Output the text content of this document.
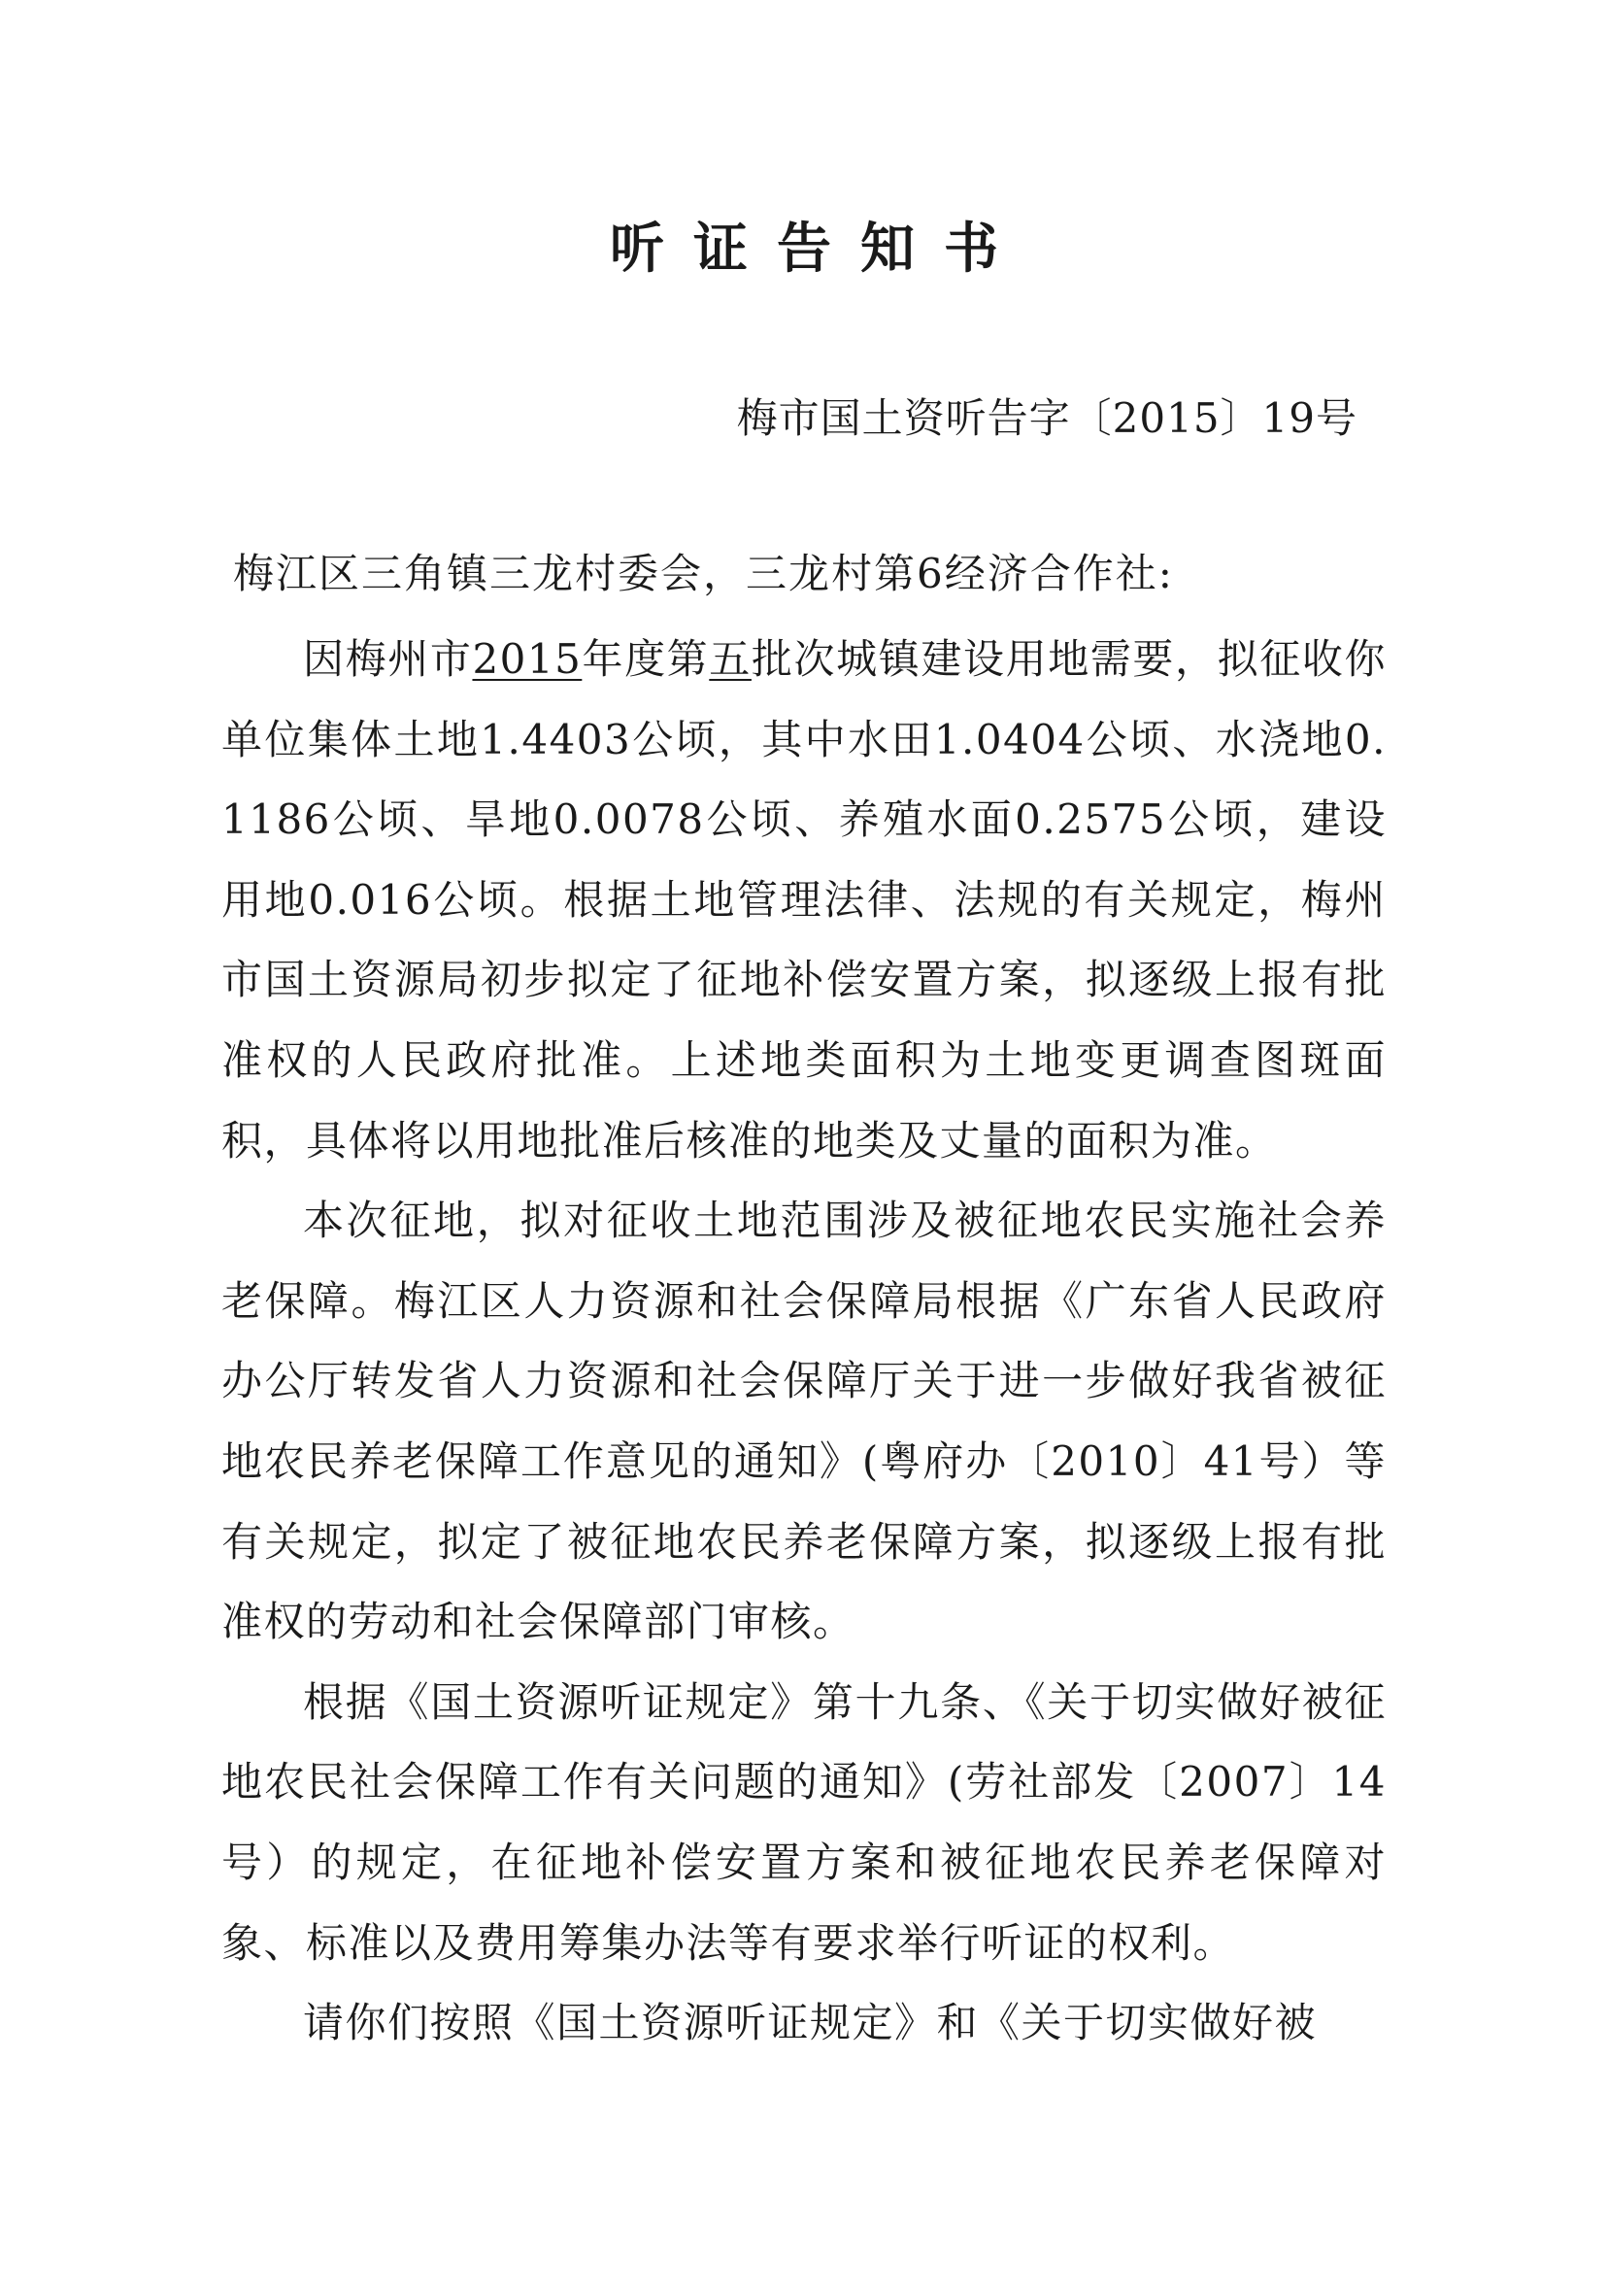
听证告知书
梅市国土资听告字〔2015〕19号
梅江区三角镇三龙村委会，三龙村第6经济合作社:

因梅州市2015年度第五批次城镇建设用地需要，拟征收你单位集体土地1.4403公顷，其中水田1.0404公顷、水浇地0.1186公顷、旱地0.0078公顷、养殖水面0.2575公顷，建设用地0.016公顷。根据土地管理法律、法规的有关规定，梅州市国土资源局初步拟定了征地补偿安置方案，拟逐级上报有批准权的人民政府批准。上述地类面积为土地变更调查图斑面积，具体将以用地批准后核准的地类及丈量的面积为准。

本次征地，拟对征收土地范围涉及被征地农民实施社会养老保障。梅江区人力资源和社会保障局根据《广东省人民政府办公厅转发省人力资源和社会保障厅关于进一步做好我省被征地农民养老保障工作意见的通知》(粤府办〔2010〕41号）等有关规定，拟定了被征地农民养老保障方案，拟逐级上报有批准权的劳动和社会保障部门审核。

根据《国土资源听证规定》第十九条、《关于切实做好被征地农民社会保障工作有关问题的通知》(劳社部发〔2007〕14号）的规定，在征地补偿安置方案和被征地农民养老保障对象、标准以及费用筹集办法等有要求举行听证的权利。

请你们按照《国土资源听证规定》和《关于切实做好被
